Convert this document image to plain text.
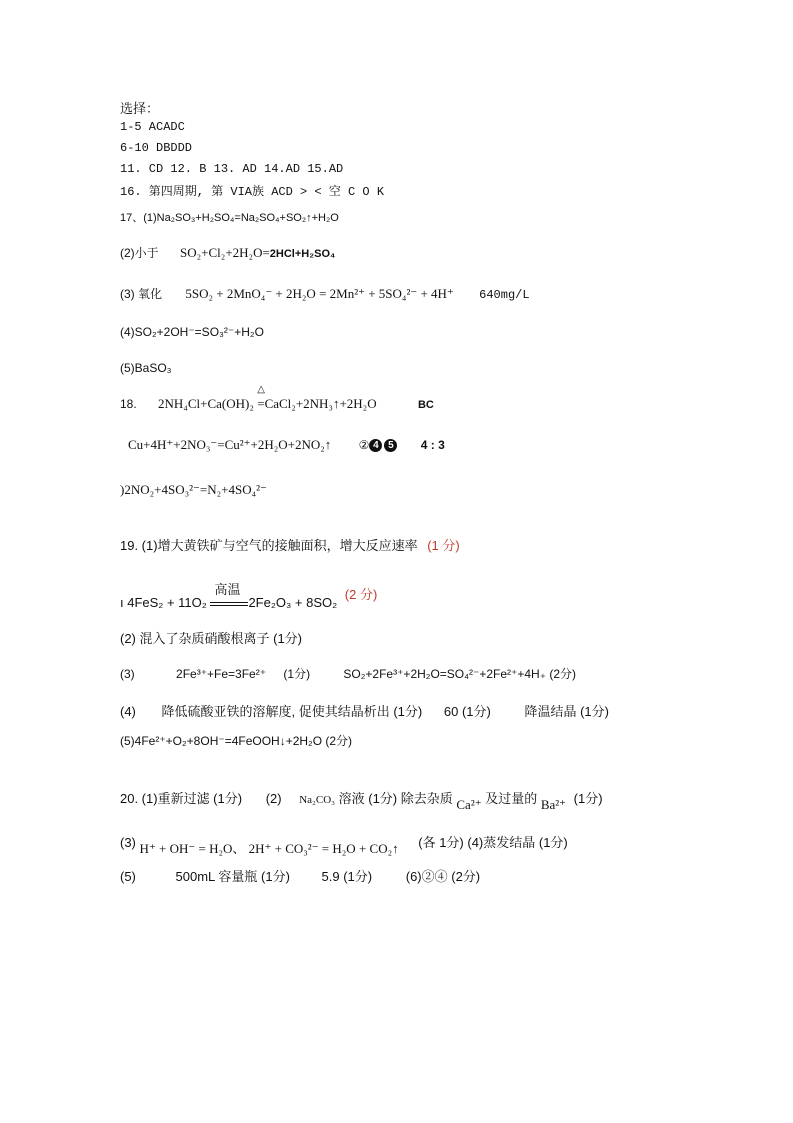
选择：
1-5 ACADC
6-10 DBDDD
11. CD 12. B 13. AD 14.AD 15.AD
16. 第四周期, 第 VIA族 ACD > < 空 C O K
17、(1)Na₂SO₃+H₂SO₄=Na₂SO₄+SO₂↑+H₂O
(2)小于 SO₂+Cl₂+2H₂O=2HCl+H₂SO₄
(3) 氧化 5SO₂ + 2MnO₄⁻ + 2H₂O = 2Mn²⁺ + 5SO₄²⁻ + 4H⁺ 640mg/L
(4)SO₂+2OH⁻=SO₃²⁻+H₂O
(5)BaSO₃
18. 2NH₄Cl+Ca(OH)₂ △ =CaCl₂+2NH₃↑+2H₂O	BC
Cu+4H⁺+2NO₃⁻=Cu²⁺+2H₂O+2NO₂↑ ② 4 5 4 : 3
)2NO₂+4SO₃²⁻=N₂+4SO₄²⁻
19. (1)增大黄铁矿与空气的接触面积，增大反应速率 (1 分)
ı 4FeS₂ + 11O₂
高温
2Fe₂O₃ + 8SO₂ (2 分)
(2) 混入了杂质硝酸根离子 (1分)
(3)	2Fe³⁺+Fe=3Fe²⁺ (1分)	SO₂+2Fe³⁺+2H₂O=SO₄²⁻+2Fe²⁺+4H₊ (2分)
(4) 降低硫酸亚铁的溶解度, 促使其结晶析出 (1分) 60 (1分)	降温结晶 (1分)
(5)4Fe²⁺+O₂+8OH⁻=4FeOOH↓+2H₂O (2分)
20. (1)重新过滤 (1分) (2) Na₂CO₃ 溶液 (1分) 除去杂质 Ca²⁺ 及过量的 Ba²⁺ (1分)
(3) H⁺ + OH⁻ = H₂O、 2H⁺ + CO₃²⁻ = H₂O + CO₂↑ (各 1分) (4)蒸发结晶 (1分)
(5)	500mL 容量瓶 (1分) 5.9 (1分)	(6)②④ (2分)
